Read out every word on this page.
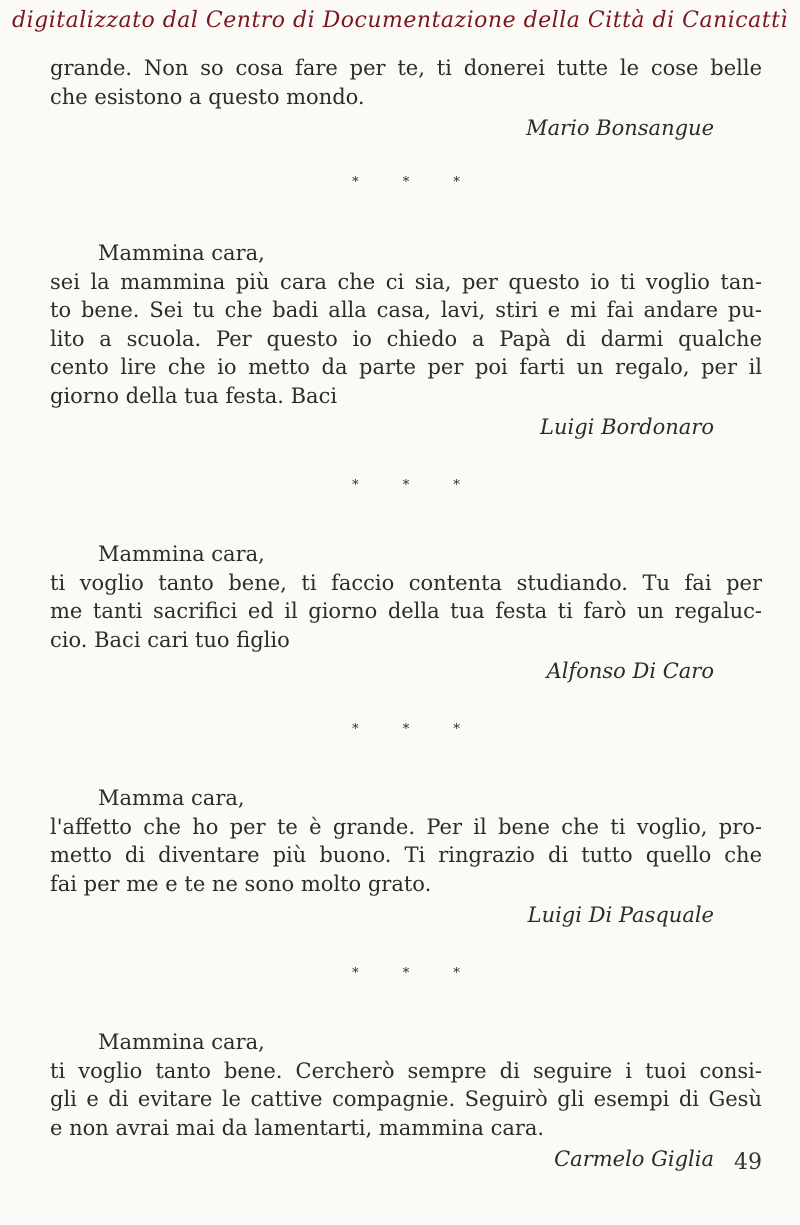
digitalizzato dal Centro di Documentazione della Città di Canicattì

grande. Non so cosa fare per te, ti donerei tutte le cose belle
che esistono a questo mondo.

Mario Bonsangue

* * *

Mammina cara,

sei la mammina più cara che ci sia, per questo io ti voglio tan-
to bene. Sei tu che badi alla casa, lavi, stiri e mi fai andare pu-
lito a scuola. Per questo io chiedo a Papà di darmi qualche
cento lire che io metto da parte per poi farti un regalo, per il
giorno della tua festa. Baci

Luigi Bordonaro

* * *

Mammina cara,

ti voglio tanto bene, ti faccio contenta studiando. Tu fai per
me tanti sacrifici ed il giorno della tua festa ti farò un regaluc-
cio. Baci cari tuo figlio

Alfonso Di Caro

* * *

Mamma cara,

l'affetto che ho per te è grande. Per il bene che ti voglio, pro-
metto di diventare più buono. Ti ringrazio di tutto quello che
fai per me e te ne sono molto grato.

Luigi Di Pasquale

* * *

Mammina cara,

ti voglio tanto bene. Cercherò sempre di seguire i tuoi consi-
gli e di evitare le cattive compagnie. Seguirò gli esempi di Gesù
e non avrai mai da lamentarti, mammina cara.

Carmelo Giglia 49
